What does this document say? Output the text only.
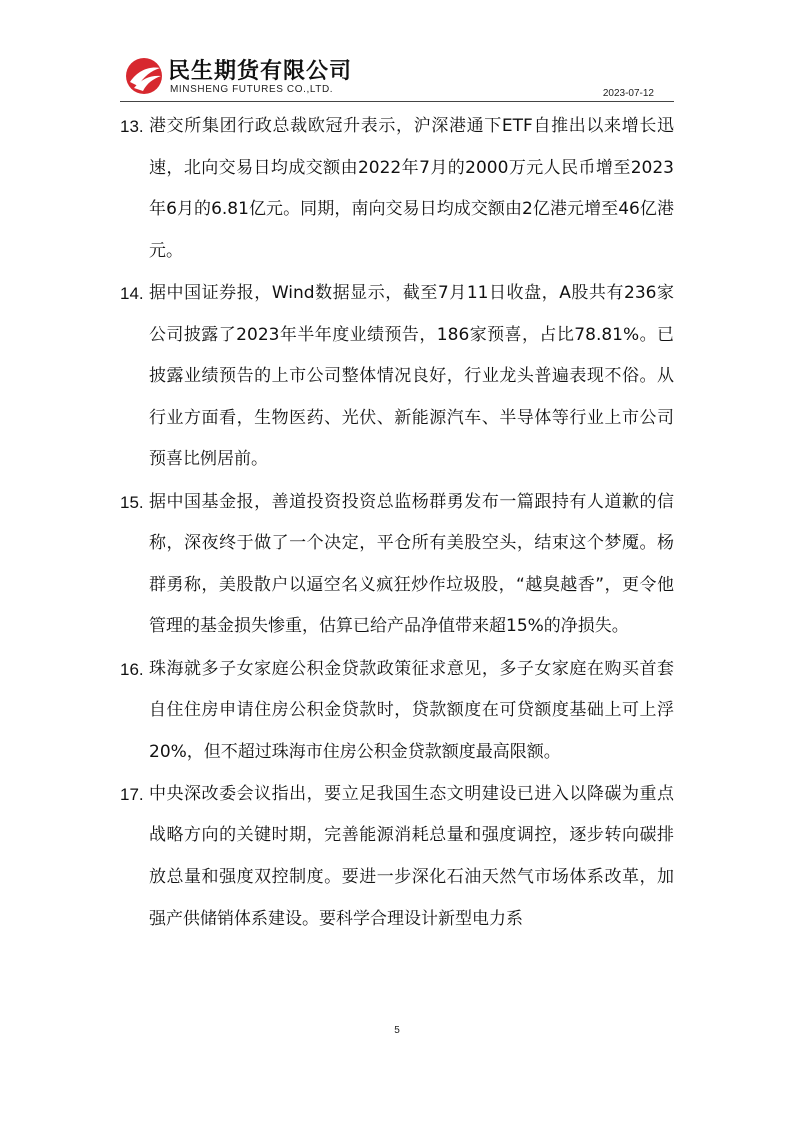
民生期货有限公司
MINSHENG FUTURES CO.,LTD.	2023-07-12
13. 港交所集团行政总裁欧冠升表示，沪深港通下ETF自推出以来增长迅速，北向交易日均成交额由2022年7月的2000万元人民币增至2023年6月的6.81亿元。同期，南向交易日均成交额由2亿港元增至46亿港元。
14. 据中国证券报，Wind数据显示，截至7月11日收盘，A股共有236家公司披露了2023年半年度业绩预告，186家预喜，占比78.81%。已披露业绩预告的上市公司整体情况良好，行业龙头普遍表现不俗。从行业方面看，生物医药、光伏、新能源汽车、半导体等行业上市公司预喜比例居前。
15. 据中国基金报，善道投资投资总监杨群勇发布一篇跟持有人道歉的信称，深夜终于做了一个决定，平仓所有美股空头，结束这个梦魇。杨群勇称，美股散户以逼空名义疯狂炒作垃圾股，“越臭越香”，更令他管理的基金损失惨重，估算已给产品净值带来超15%的净损失。
16. 珠海就多子女家庭公积金贷款政策征求意见，多子女家庭在购买首套自住住房申请住房公积金贷款时，贷款额度在可贷额度基础上可上浮20%，但不超过珠海市住房公积金贷款额度最高限额。
17. 中央深改委会议指出，要立足我国生态文明建设已进入以降碳为重点战略方向的关键时期，完善能源消耗总量和强度调控，逐步转向碳排放总量和强度双控制度。要进一步深化石油天然气市场体系改革，加强产供储销体系建设。要科学合理设计新型电力系
5
